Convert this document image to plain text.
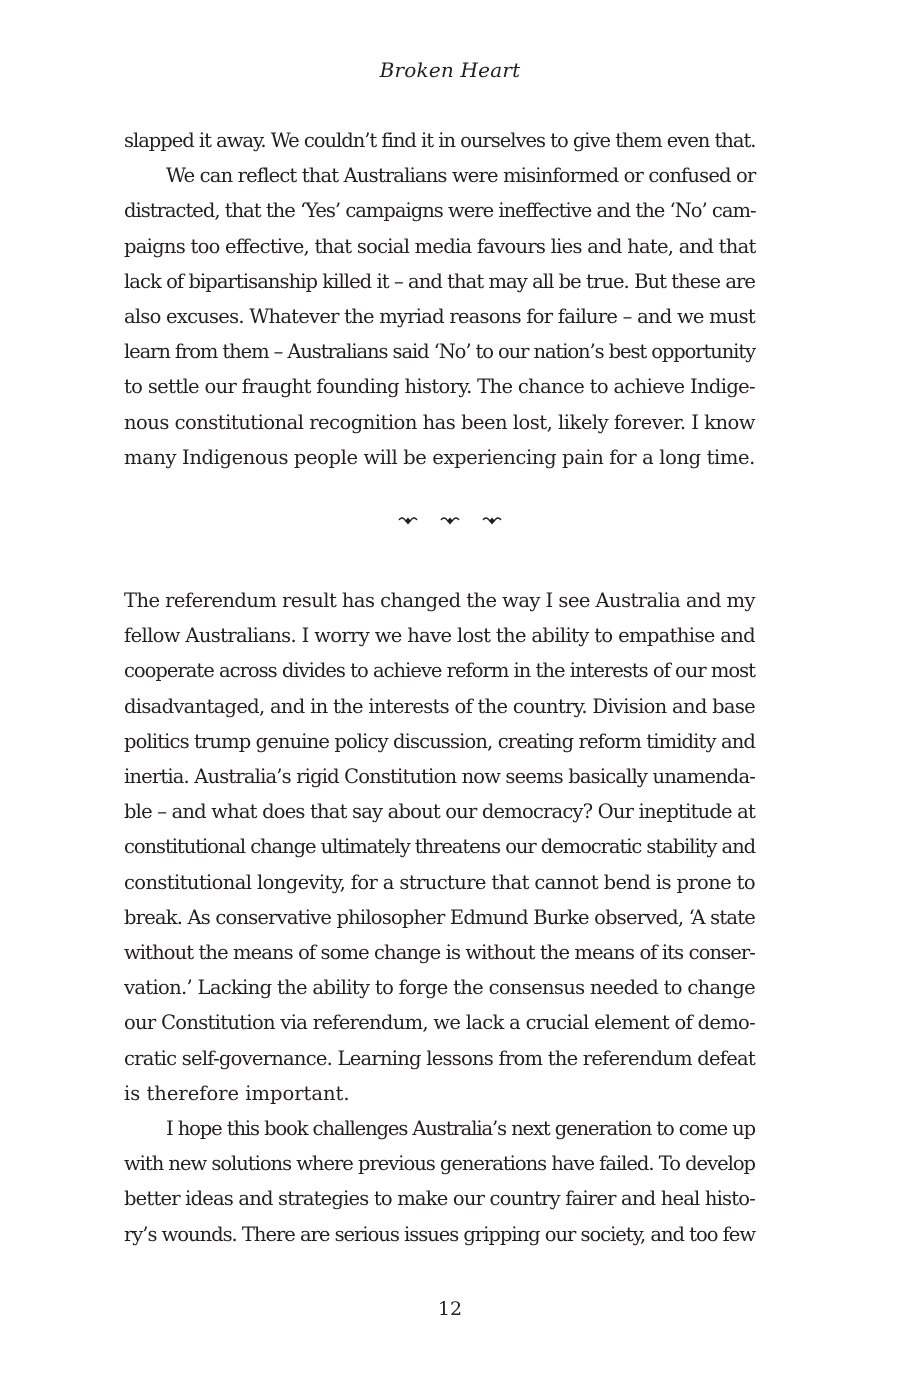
Broken Heart
slapped it away. We couldn’t find it in ourselves to give them even that.
We can reflect that Australians were misinformed or confused or
distracted, that the ‘Yes’ campaigns were ineffective and the ‘No’ cam-
paigns too effective, that social media favours lies and hate, and that
lack of bipartisanship killed it – and that may all be true. But these are
also excuses. Whatever the myriad reasons for failure – and we must
learn from them – Australians said ‘No’ to our nation’s best opportunity
to settle our fraught founding history. The chance to achieve Indige-
nous constitutional recognition has been lost, likely forever. I know
many Indigenous people will be experiencing pain for a long time.
The referendum result has changed the way I see Australia and my
fellow Australians. I worry we have lost the ability to empathise and
cooperate across divides to achieve reform in the interests of our most
disadvantaged, and in the interests of the country. Division and base
politics trump genuine policy discussion, creating reform timidity and
inertia. Australia’s rigid Constitution now seems basically unamenda-
ble – and what does that say about our democracy? Our ineptitude at
constitutional change ultimately threatens our democratic stability and
constitutional longevity, for a structure that cannot bend is prone to
break. As conservative philosopher Edmund Burke observed, ‘A state
without the means of some change is without the means of its conser-
vation.’ Lacking the ability to forge the consensus needed to change
our Constitution via referendum, we lack a crucial element of demo-
cratic self-governance. Learning lessons from the referendum defeat
is therefore important.
I hope this book challenges Australia’s next generation to come up
with new solutions where previous generations have failed. To develop
better ideas and strategies to make our country fairer and heal histo-
ry’s wounds. There are serious issues gripping our society, and too few
12
